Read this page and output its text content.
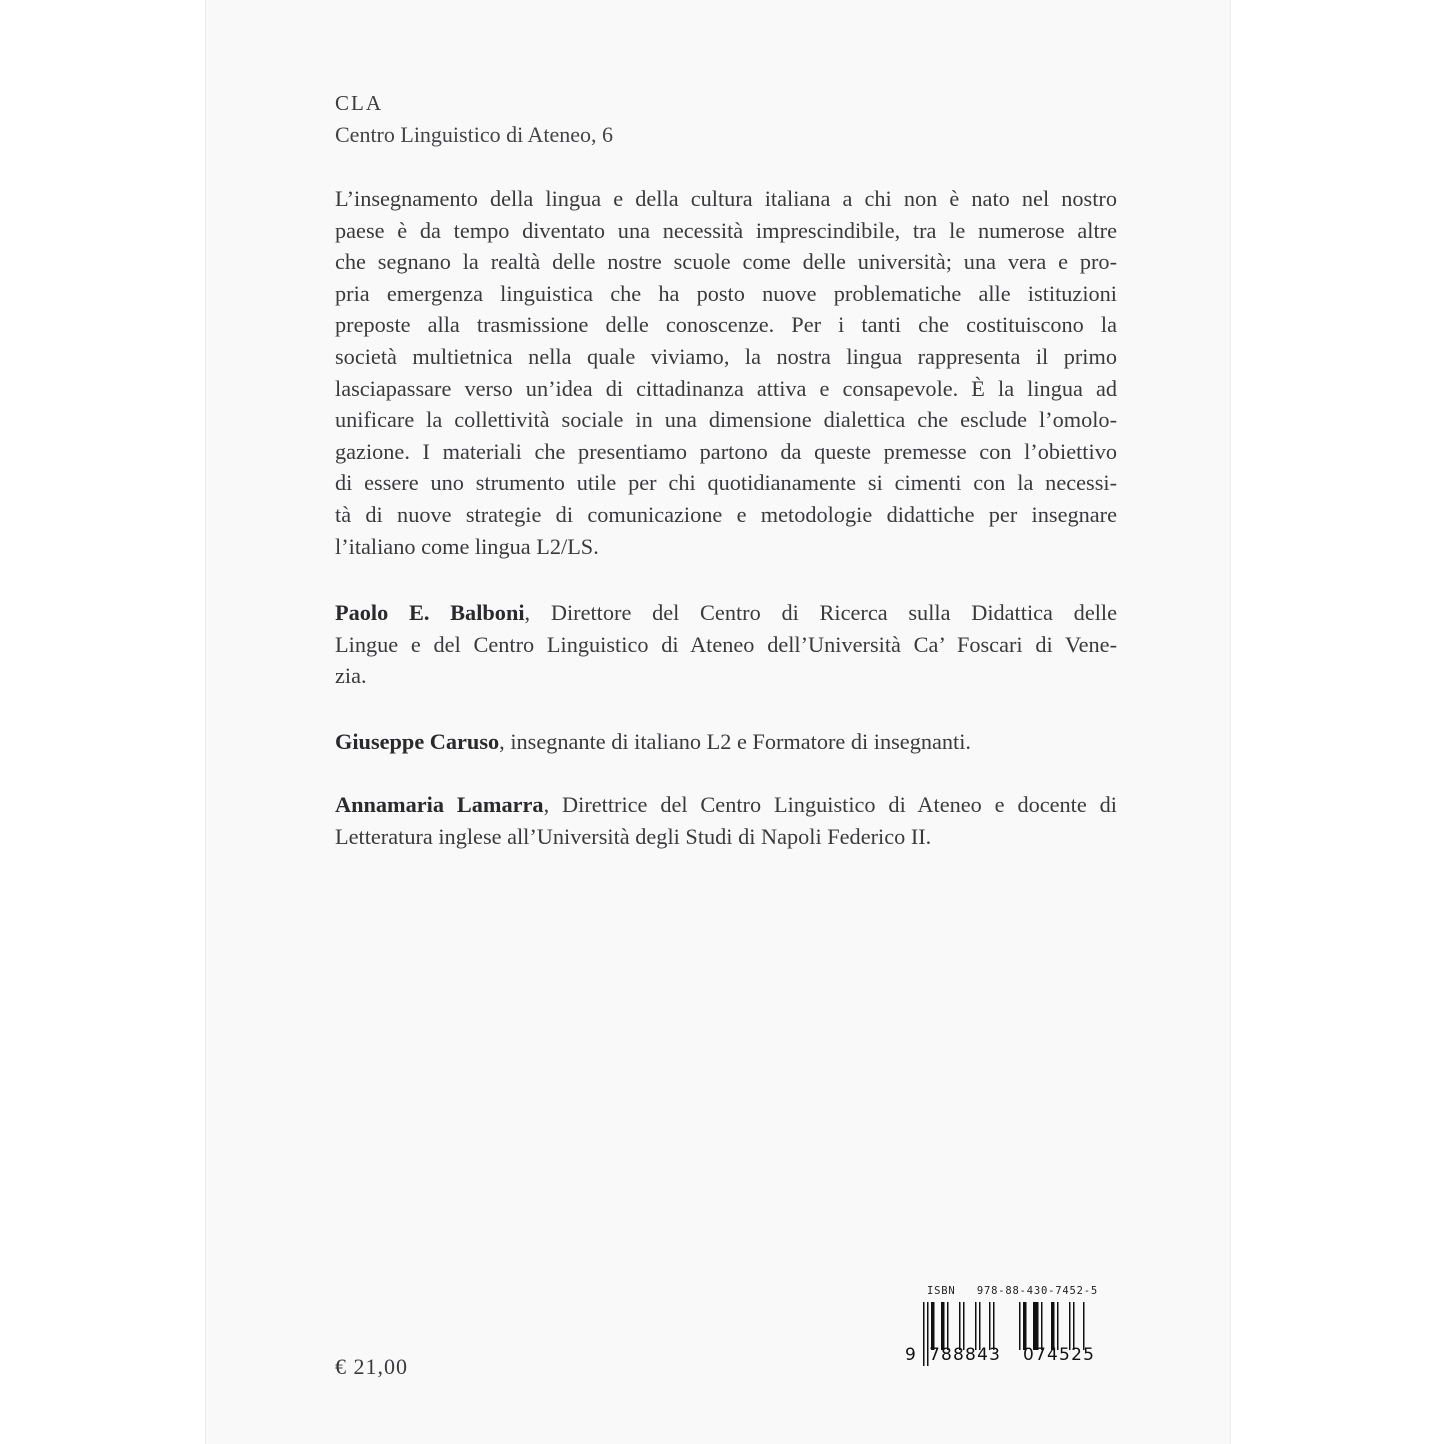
CLA
Centro Linguistico di Ateneo, 6
L’insegnamento della lingua e della cultura italiana a chi non è nato nel nostro
paese è da tempo diventato una necessità imprescindibile, tra le numerose altre
che segnano la realtà delle nostre scuole come delle università; una vera e pro-
pria emergenza linguistica che ha posto nuove problematiche alle istituzioni
preposte alla trasmissione delle conoscenze. Per i tanti che costituiscono la
società multietnica nella quale viviamo, la nostra lingua rappresenta il primo
lasciapassare verso un’idea di cittadinanza attiva e consapevole. È la lingua ad
unificare la collettività sociale in una dimensione dialettica che esclude l’omolo-
gazione. I materiali che presentiamo partono da queste premesse con l’obiettivo
di essere uno strumento utile per chi quotidianamente si cimenti con la necessi-
tà di nuove strategie di comunicazione e metodologie didattiche per insegnare
l’italiano come lingua L2/LS.
Paolo E. Balboni, Direttore del Centro di Ricerca sulla Didattica delle
Lingue e del Centro Linguistico di Ateneo dell’Università Ca’ Foscari di Vene-
zia.
Giuseppe Caruso, insegnante di italiano L2 e Formatore di insegnanti.
Annamaria Lamarra, Direttrice del Centro Linguistico di Ateneo e docente di
Letteratura inglese all’Università degli Studi di Napoli Federico II.
€ 21,00
ISBN 978-88-430-7452-5
9 788843 074525
